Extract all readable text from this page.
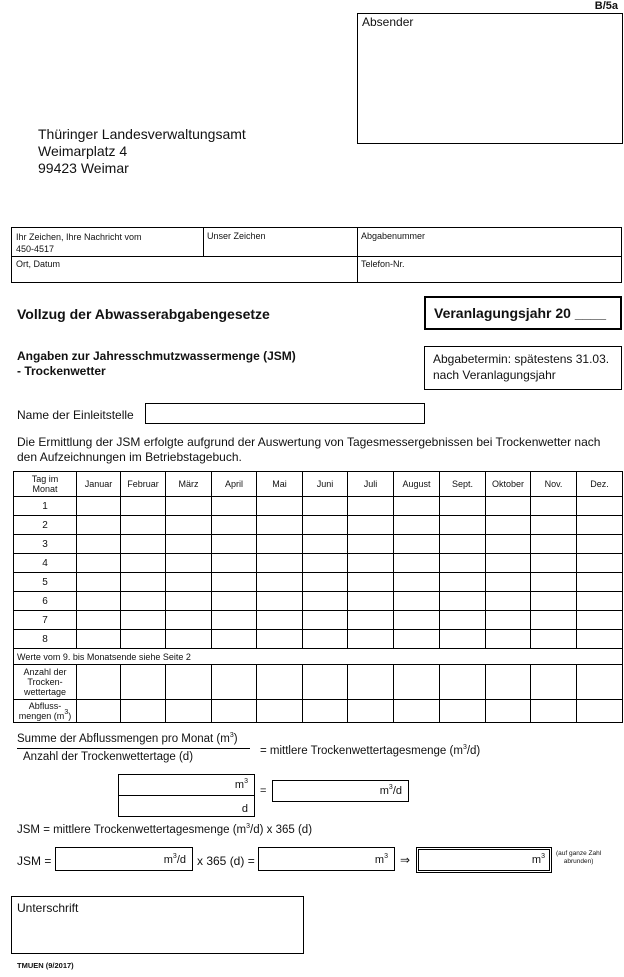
B/5a
Absender
Thüringer Landesverwaltungsamt
Weimarplatz 4
99423 Weimar
Ihr Zeichen, Ihre Nachricht vom
450-4517
Unser Zeichen	Abgabenummer
Ort, Datum	Telefon-Nr.
Vollzug der Abwasserabgabengesetze	Veranlagungsjahr 20 ____
Angaben zur Jahresschmutzwassermenge (JSM)
- Trockenwetter
Abgabetermin: spätestens 31.03.
nach Veranlagungsjahr
Name der Einleitstelle
Die Ermittlung der JSM erfolgte aufgrund der Auswertung von Tagesmessergebnissen bei Trockenwetter nach den Aufzeichnungen im Betriebstagebuch.
Tag im
Monat	Januar	Februar	März	April	Mai	Juni	Juli	August	Sept.	Oktober	Nov.	Dez.
1												
2												
3												
4												
5												
6												
7												
8												
Werte vom 9. bis Monatsende siehe Seite 2												

Anzahl der
Trocken-
wettertage												

Abfluss-
mengen $(m^3)$												

Summe der Abflussmengen pro Monat $(m^3)$
Anzahl der Trockenwettertage (d)	= mittlere Trockenwettertagesmenge $(m^3/d)$
$m^3$
d
=	$m^3/d$
JSM = mittlere Trockenwettertagesmenge $(m^3/d)$ x 365 (d)
JSM =	$m^3/d$ x 365 (d) =	$m^3$ ⇒	$m^3$ (auf ganze Zahl
abrunden)
Unterschrift
TMUEN (9/2017)
